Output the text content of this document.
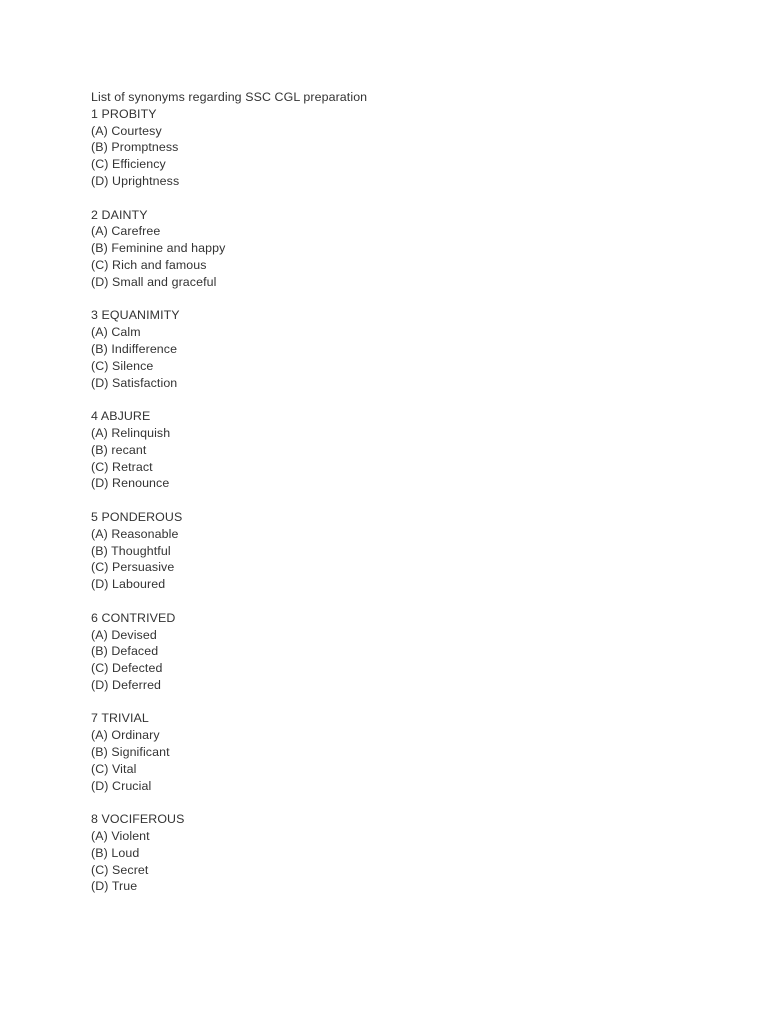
List of synonyms regarding SSC CGL preparation
1 PROBITY
(A) Courtesy
(B) Promptness
(C) Efficiency
(D) Uprightness
2 DAINTY
(A) Carefree
(B) Feminine and happy
(C) Rich and famous
(D) Small and graceful
3 EQUANIMITY
(A) Calm
(B) Indifference
(C) Silence
(D) Satisfaction
4 ABJURE
(A) Relinquish
(B) recant
(C) Retract
(D) Renounce
5 PONDEROUS
(A) Reasonable
(B) Thoughtful
(C) Persuasive
(D) Laboured
6 CONTRIVED
(A) Devised
(B) Defaced
(C) Defected
(D) Deferred
7 TRIVIAL
(A) Ordinary
(B) Significant
(C) Vital
(D) Crucial
8 VOCIFEROUS
(A) Violent
(B) Loud
(C) Secret
(D) True
